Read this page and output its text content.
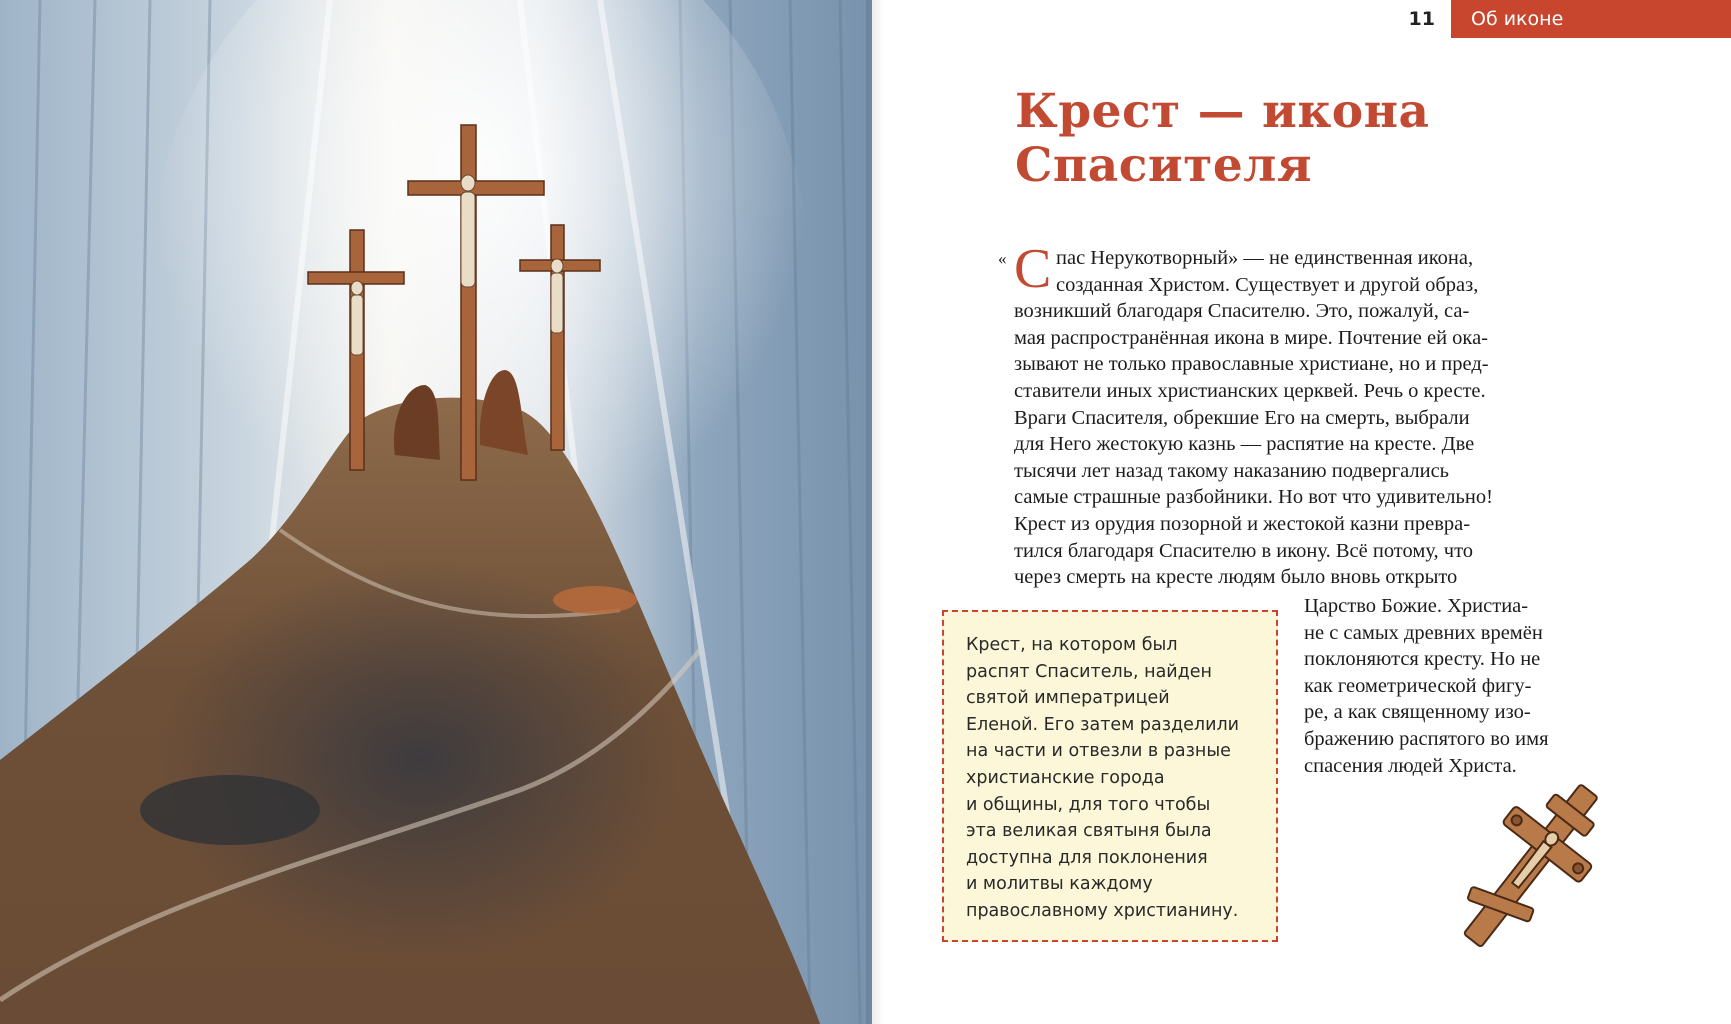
11	Об иконе

Крест — икона
Спасителя
« С пас Нерукотворный» — не единственная икона,

созданная Христом. Существует и другой образ,

возникший благодаря Спасителю. Это, пожалуй, са-

мая распространённая икона в мире. Почтение ей ока-

зывают не только православные христиане, но и пред-

ставители иных христианских церквей. Речь о кресте.

Враги Спасителя, обрекшие Его на смерть, выбрали

для Него жестокую казнь — распятие на кресте. Две

тысячи лет назад такому наказанию подвергались

самые страшные разбойники. Но вот что удивительно!

Крест из орудия позорной и жестокой казни превра-

тился благодаря Спасителю в икону. Всё потому, что

через смерть на кресте людям было вновь открыто

Царство Божие. Христиа-

не с самых древних времён

поклоняются кресту. Но не

как геометрической фигу-

ре, а как священному изо-

бражению распятого во имя

спасения людей Христа.

Крест, на котором был

распят Спаситель, найден

святой императрицей

Еленой. Его затем разделили

на части и отвезли в разные

христианские города

и общины, для того чтобы

эта великая святыня была

доступна для поклонения

и молитвы каждому

православному христианину.
